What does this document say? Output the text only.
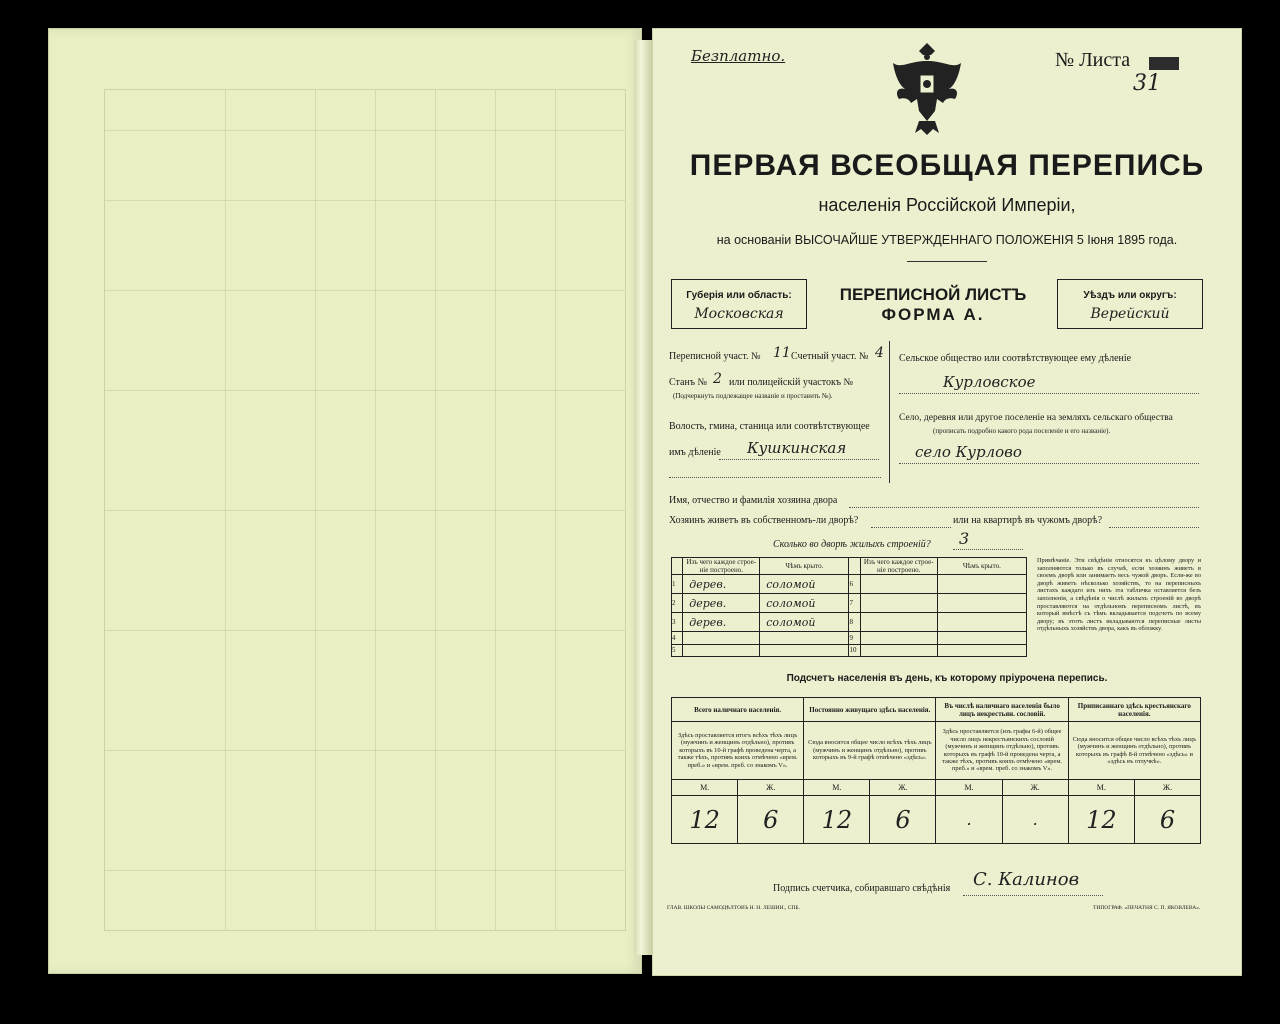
Безплатно.	№ Листа
31
ПЕРВАЯ ВСЕОБЩАЯ ПЕРЕПИСЬ
населенія Россійской Имперіи,
на основаніи ВЫСОЧАЙШЕ УТВЕРЖДЕННАГО ПОЛОЖЕНІЯ 5 Іюня 1895 года.
Губерія или область:
Московская
ПЕРЕПИСНОЙ ЛИСТЪ
ФОРМА А.
Уѣздъ или округъ:
Верейский
Переписной участ. № 11 Счетный участ. № 4
Станъ № 2 или полицейскій участокъ №
(Подчеркнуть подлежащее названіе и проставить №).
Волость, гмина, станица или соотвѣтствующее
имъ дѣленіе Кушкинская
Сельское общество или соотвѣтствующее ему дѣленіе
Курловское
Село, деревня или другое поселеніе на земляхъ сельскаго общества
(прописать подробно какого рода поселеніе и его названіе).
село Курлово
Имя, отчество и фамилія хозяина двора
Хозяинъ живетъ въ собственномъ-ли дворѣ?	или на квартирѣ въ чужомъ дворѣ?
Сколько во дворѣ жилыхъ строеній? 3
	Изъ чего каждое строе-ніе построено.	Чѣмъ крыто.		Изъ чего каждое строе-ніе построено.	Чѣмъ крыто.
1	дерев.	соломой	6		
2	дерев.	соломой	7		
3	дерев.	соломой	8		
4			9		
5			10		
Примѣчаніе. Эти свѣдѣнія относятся къ цѣлому двору и заполняются только въ случаѣ, если хозяинъ живетъ в своемъ дворѣ или занимаетъ весь чужой дворъ. Если-же во дворѣ живетъ нѣсколько хозяйствъ, то на переписныхъ листахъ каждаго изъ нихъ эта табличка оставляется безъ заполненія, а свѣдѣнія о числѣ жилыхъ строеній во дворѣ проставляются на отдѣльномъ переписномъ листѣ, въ который вмѣстѣ съ тѣмъ вкладывается подсчетъ по всему двору; въ этотъ листъ вкладываются переписные листы отдѣльныхъ хозяйствъ двора, какъ въ обложку.
Подсчетъ населенія въ день, къ которому пріурочена перепись.
Всего наличнаго населенія.		Постоянно живущаго здѣсь населенія.		Въ числѣ наличнаго населенія было лицъ некрестьян. сословій.		Приписаннаго здѣсь крестьянскаго населенія.	
Здѣсь проставляется итогъ всѣхъ тѣхъ лицъ (мужчинъ и женщинъ отдѣльно), противъ которыхъ въ 10-й графѣ проведена черта, а также тѣхъ, противъ коихъ отмѣчено «врем. преб.» и «врем. преб. со знакомъ V».		Сюда вносится общее число всѣхъ тѣхъ лицъ (мужчинъ и женщинъ отдѣльно), противъ которыхъ въ 9-й графѣ отмѣчено «здѣсь».		Здѣсь проставляется (изъ графы 6-й) общее число лицъ некрестьянскихъ сословій (мужчинъ и женщинъ отдѣльно), противъ которыхъ въ графѣ 10-й проведена черта, а также тѣхъ, противъ коихъ отмѣчено «врем. преб.» и «врем. преб. со знакомъ V».		Сюда вносится общее число всѣхъ тѣхъ лицъ (мужчинъ и женщинъ отдѣльно), противъ которыхъ въ графѣ 8-й отмѣчено «здѣсь» и «здѣсь въ отлучкѣ».	
М.	Ж.	М.	Ж.	М.	Ж.	М.	Ж.
12	6	12	6	.	.	12	6
Подпись счетчика, собиравшаго свѣдѣнія С. Калинов
ГЛАВ. ШКОЛЫ САМОДѢЛТОВЪ Н. Н. ЛЕШИН., СПБ.	ТИПОГРАФ. «ПЕЧАТНЯ С. П. ЯКОВЛЕВА».
